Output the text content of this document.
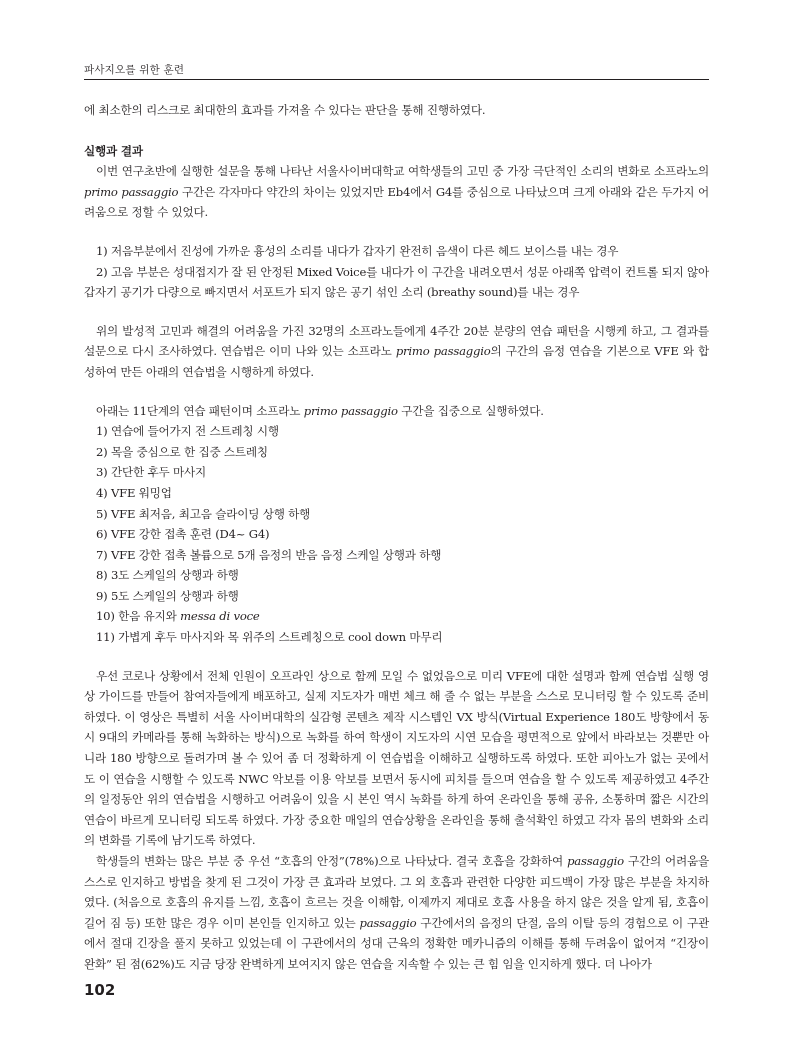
파사지오를 위한 훈련

에 최소한의 리스크로 최대한의 효과를 가져올 수 있다는 판단을 통해 진행하였다.

실행과 결과

이번 연구초반에 실행한 설문을 통해 나타난 서울사이버대학교 여학생들의 고민 중 가장 극단적인 소리의 변화로 소프라노의 primo passaggio 구간은 각자마다 약간의 차이는 있었지만 Eb4에서 G4를 중심으로 나타났으며 크게 아래와 같은 두가지 어려움으로 정할 수 있었다.

1) 저음부분에서 진성에 가까운 흉성의 소리를 내다가 갑자기 완전히 음색이 다른 헤드 보이스를 내는 경우
2) 고음 부분은 성대접지가 잘 된 안정된 Mixed Voice를 내다가 이 구간을 내려오면서 성문 아래쪽 압력이 컨트롤 되지 않아 갑자기 공기가 다량으로 빠지면서 서포트가 되지 않은 공기 섞인 소리 (breathy sound)를 내는 경우

위의 발성적 고민과 해결의 어려움을 가진 32명의 소프라노들에게 4주간 20분 분량의 연습 패턴을 시행케 하고, 그 결과를 설문으로 다시 조사하였다. 연습법은 이미 나와 있는 소프라노 primo passaggio의 구간의 음정 연습을 기본으로 VFE 와 합성하여 만든 아래의 연습법을 시행하게 하였다.

아래는 11단계의 연습 패턴이며 소프라노 primo passaggio 구간을 집중으로 실행하였다.

1) 연습에 들어가지 전 스트레칭 시행
2) 목을 중심으로 한 집중 스트레칭
3) 간단한 후두 마사지
4) VFE 워밍업
5) VFE 최저음, 최고음 슬라이딩 상행 하행
6) VFE 강한 접촉 훈련 (D4~ G4)
7) VFE 강한 접촉 볼륨으로 5개 음정의 반음 음정 스케일 상행과 하행
8) 3도 스케일의 상행과 하행
9) 5도 스케일의 상행과 하행
10) 한음 유지와 messa di voce
11) 가볍게 후두 마사지와 목 위주의 스트레칭으로 cool down 마무리

우선 코로나 상황에서 전체 인원이 오프라인 상으로 함께 모일 수 없었음으로 미리 VFE에 대한 설명과 함께 연습법 실행 영상 가이드를 만들어 참여자들에게 배포하고, 실제 지도자가 매번 체크 해 줄 수 없는 부분을 스스로 모니터링 할 수 있도록 준비하였다. 이 영상은 특별히 서울 사이버대학의 실감형 콘텐츠 제작 시스템인 VX 방식(Virtual Experience 180도 방향에서 동시 9대의 카메라를 통해 녹화하는 방식)으로 녹화를 하여 학생이 지도자의 시연 모습을 평면적으로 앞에서 바라보는 것뿐만 아니라 180 방향으로 돌려가며 볼 수 있어 좀 더 정확하게 이 연습법을 이해하고 실행하도록 하였다. 또한 피아노가 없는 곳에서도 이 연습을 시행할 수 있도록 NWC 악보를 이용 악보를 보면서 동시에 피치를 들으며 연습을 할 수 있도록 제공하였고 4주간의 일정동안 위의 연습법을 시행하고 어려움이 있을 시 본인 역시 녹화를 하게 하여 온라인을 통해 공유, 소통하며 짧은 시간의 연습이 바르게 모니터링 되도록 하였다. 가장 중요한 매일의 연습상황을 온라인을 통해 출석확인 하였고 각자 몸의 변화와 소리의 변화를 기록에 남기도록 하였다.

학생들의 변화는 많은 부분 중 우선 “호흡의 안정”(78%)으로 나타났다. 결국 호흡을 강화하여 passaggio 구간의 어려움을 스스로 인지하고 방법을 찾게 된 그것이 가장 큰 효과라 보였다. 그 외 호흡과 관련한 다양한 피드백이 가장 많은 부분을 차지하였다. (처음으로 호흡의 유지를 느낌, 호흡이 흐르는 것을 이해함, 이제까지 제대로 호흡 사용을 하지 않은 것을 알게 됨, 호흡이 길어 짐 등) 또한 많은 경우 이미 본인들 인지하고 있는 passaggio 구간에서의 음정의 단절, 음의 이탈 등의 경험으로 이 구관에서 절대 긴장을 풀지 못하고 있었는데 이 구관에서의 성대 근육의 정확한 메카니즘의 이해를 통해 두려움이 없어져 “긴장이 완화” 된 점(62%)도 지금 당장 완벽하게 보여지지 않은 연습을 지속할 수 있는 큰 힘 임을 인지하게 했다. 더 나아가

102
